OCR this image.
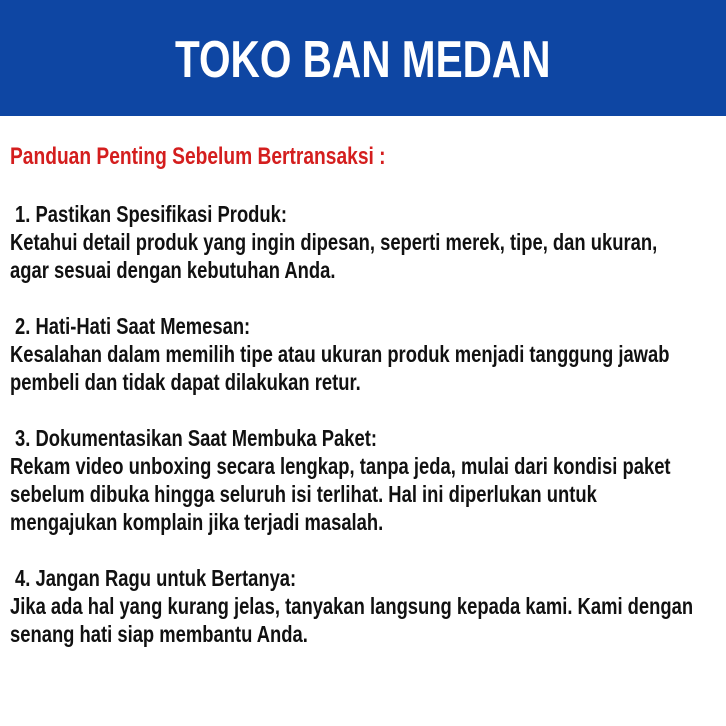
TOKO BAN MEDAN
Panduan Penting Sebelum Bertransaksi :
1. Pastikan Spesifikasi Produk:
Ketahui detail produk yang ingin dipesan, seperti merek, tipe, dan ukuran,
agar sesuai dengan kebutuhan Anda.
2. Hati-Hati Saat Memesan:
Kesalahan dalam memilih tipe atau ukuran produk menjadi tanggung jawab
pembeli dan tidak dapat dilakukan retur.
3. Dokumentasikan Saat Membuka Paket:
Rekam video unboxing secara lengkap, tanpa jeda, mulai dari kondisi paket
sebelum dibuka hingga seluruh isi terlihat. Hal ini diperlukan untuk
mengajukan komplain jika terjadi masalah.
4. Jangan Ragu untuk Bertanya:
Jika ada hal yang kurang jelas, tanyakan langsung kepada kami. Kami dengan
senang hati siap membantu Anda.
